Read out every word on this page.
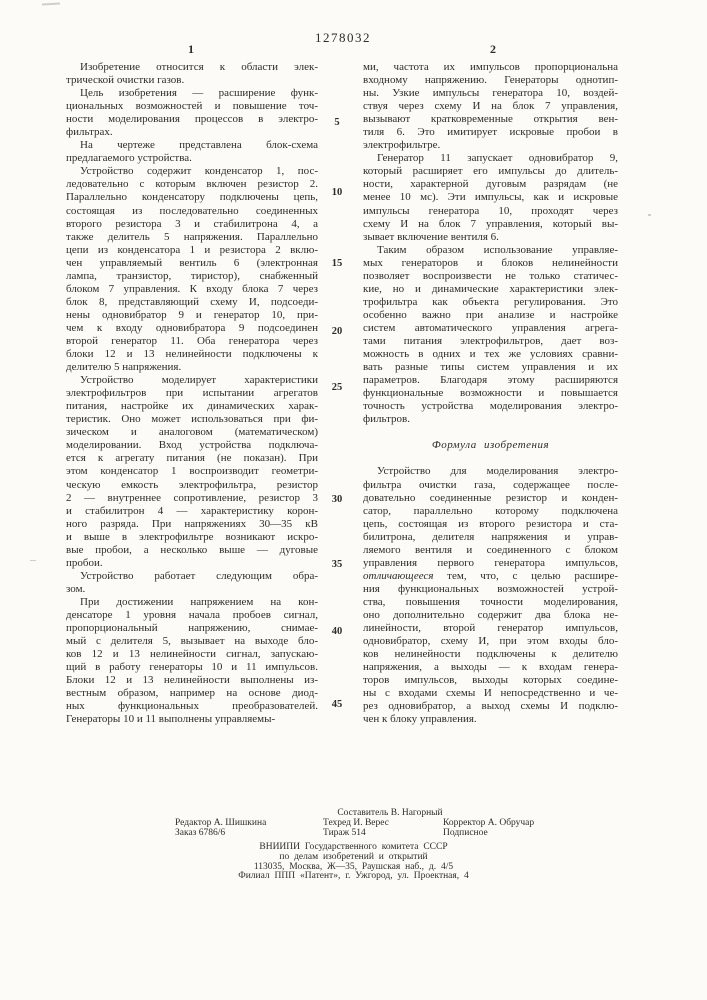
1278032
1	2
Изобретение относится к области элек-
трической очистки газов.
Цель изобретения — расширение функ-
циональных возможностей и повышение точ-
ности моделирования процессов в электро-
фильтрах.
На чертеже представлена блок-схема
предлагаемого устройства.
Устройство содержит конденсатор 1, пос-
ледовательно с которым включен резистор 2.
Параллельно конденсатору подключены цепь,
состоящая из последовательно соединенных
второго резистора 3 и стабилитрона 4, а
также делитель 5 напряжения. Параллельно
цепи из конденсатора 1 и резистора 2 вклю-
чен управляемый вентиль 6 (электронная
лампа, транзистор, тиристор), снабженный
блоком 7 управления. К входу блока 7 через
блок 8, представляющий схему И, подсоеди-
нены одновибратор 9 и генератор 10, при-
чем к входу одновибратора 9 подсоединен
второй генератор 11. Оба генератора через
блоки 12 и 13 нелинейности подключены к
делителю 5 напряжения.
Устройство моделирует характеристики
электрофильтров при испытании агрегатов
питания, настройке их динамических харак-
теристик. Оно может использоваться при фи-
зическом и аналоговом (математическом)
моделировании. Вход устройства подключа-
ется к агрегату питания (не показан). При
этом конденсатор 1 воспроизводит геометри-
ческую емкость электрофильтра, резистор
2 — внутреннее сопротивление, резистор 3
и стабилитрон 4 — характеристику корон-
ного разряда. При напряжениях 30—35 кВ
и выше в электрофильтре возникают искро-
вые пробои, а несколько выше — дуговые
пробои.
Устройство работает следующим обра-
зом.
При достижении напряжением на кон-
денсаторе 1 уровня начала пробоев сигнал,
пропорциональный напряжению, снимае-
мый с делителя 5, вызывает на выходе бло-
ков 12 и 13 нелинейности сигнал, запускаю-
щий в работу генераторы 10 и 11 импульсов.
Блоки 12 и 13 нелинейности выполнены из-
вестным образом, например на основе диод-
ных функциональных преобразователей.
Генераторы 10 и 11 выполнены управляемы-
5
10
15
20
25
30
35
40
45
ми, частота их импульсов пропорциональна
входному напряжению. Генераторы однотип-
ны. Узкие импульсы генератора 10, воздей-
ствуя через схему И на блок 7 управления,
вызывают кратковременные открытия вен-
тиля 6. Это имитирует искровые пробои в
электрофильтре.
Генератор 11 запускает одновибратор 9,
который расширяет его импульсы до длитель-
ности, характерной дуговым разрядам (не
менее 10 мс). Эти импульсы, как и искровые
импульсы генератора 10, проходят через
схему И на блок 7 управления, который вы-
зывает включение вентиля 6.
Таким образом использование управляе-
мых генераторов и блоков нелинейности
позволяет воспроизвести не только статичес-
кие, но и динамические характеристики элек-
трофильтра как объекта регулирования. Это
особенно важно при анализе и настройке
систем автоматического управления агрега-
тами питания электрофильтров, дает воз-
можность в одних и тех же условиях сравни-
вать разные типы систем управления и их
параметров. Благодаря этому расширяются
функциональные возможности и повышается
точность устройства моделирования электро-
фильтров.

Формула изобретения

Устройство для моделирования электро-
фильтра очистки газа, содержащее после-
довательно соединенные резистор и конден-
сатор, параллельно которому подключена
цепь, состоящая из второго резистора и ста-
билитрона, делителя напряжения и управ-
ляемого вентиля и соединенного с блоком
управления первого генератора импульсов,
отличающееся тем, что, с целью расшире-
ния функциональных возможностей устрой-
ства, повышения точности моделирования,
оно дополнительно содержит два блока не-
линейности, второй генератор импульсов,
одновибратор, схему И, при этом входы бло-
ков нелинейности подключены к делителю
напряжения, а выходы — к входам генера-
торов импульсов, выходы которых соедине-
ны с входами схемы И непосредственно и че-
рез одновибратор, а выход схемы И подклю-
чен к блоку управления.
Составитель В. Нагорный
Редактор А. Шишкина	Техред И. Верес	Корректор А. Обручар
Заказ 6786/6	Тираж 514	Подписное
ВНИИПИ Государственного комитета СССР
по делам изобретений и открытий
113035, Москва, Ж—35, Раушская наб., д. 4/5
Филиал ППП «Патент», г. Ужгород, ул. Проектная, 4
